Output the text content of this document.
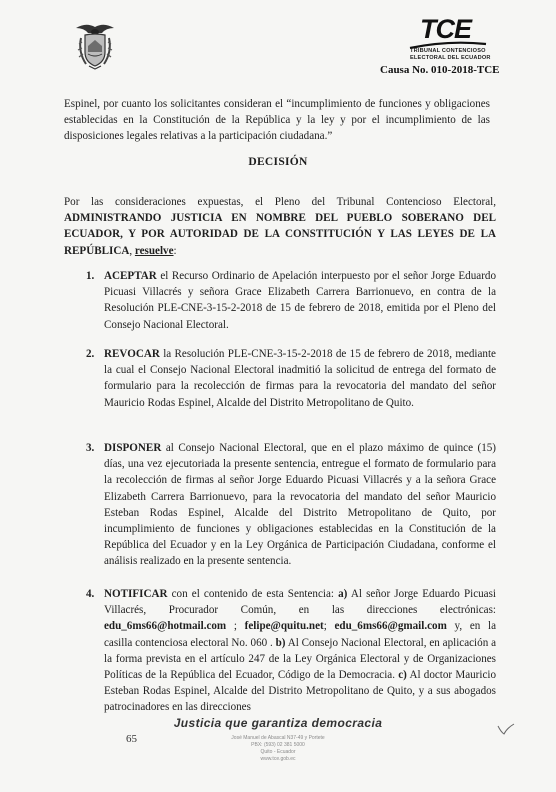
TCE
TRIBUNAL CONTENCIOSO
ELECTORAL DEL ECUADOR
Causa No. 010-2018-TCE
Espinel, por cuanto los solicitantes consideran el “incumplimiento de funciones y obligaciones establecidas en la Constitución de la República y la ley y por el incumplimiento de las disposiciones legales relativas a la participación ciudadana.”
DECISIÓN
Por las consideraciones expuestas, el Pleno del Tribunal Contencioso Electoral, ADMINISTRANDO JUSTICIA EN NOMBRE DEL PUEBLO SOBERANO DEL ECUADOR, Y POR AUTORIDAD DE LA CONSTITUCIÓN Y LAS LEYES DE LA REPÚBLICA, resuelve:
1. ACEPTAR el Recurso Ordinario de Apelación interpuesto por el señor Jorge Eduardo Picuasi Villacrés y señora Grace Elizabeth Carrera Barrionuevo, en contra de la Resolución PLE-CNE-3-15-2-2018 de 15 de febrero de 2018, emitida por el Pleno del Consejo Nacional Electoral.
2. REVOCAR la Resolución PLE-CNE-3-15-2-2018 de 15 de febrero de 2018, mediante la cual el Consejo Nacional Electoral inadmitió la solicitud de entrega del formato de formulario para la recolección de firmas para la revocatoria del mandato del señor Mauricio Rodas Espinel, Alcalde del Distrito Metropolitano de Quito.
3. DISPONER al Consejo Nacional Electoral, que en el plazo máximo de quince (15) días, una vez ejecutoriada la presente sentencia, entregue el formato de formulario para la recolección de firmas al señor Jorge Eduardo Picuasi Villacrés y a la señora Grace Elizabeth Carrera Barrionuevo, para la revocatoria del mandato del señor Mauricio Esteban Rodas Espinel, Alcalde del Distrito Metropolitano de Quito, por incumplimiento de funciones y obligaciones establecidas en la Constitución de la República del Ecuador y en la Ley Orgánica de Participación Ciudadana, conforme el análisis realizado en la presente sentencia.
4. NOTIFICAR con el contenido de esta Sentencia: a) Al señor Jorge Eduardo Picuasi Villacrés, Procurador Común, en las direcciones electrónicas: edu_6ms66@hotmail.com ; felipe@quitu.net; edu_6ms66@gmail.com y, en la casilla contenciosa electoral No. 060 . b) Al Consejo Nacional Electoral, en aplicación a la forma prevista en el artículo 247 de la Ley Orgánica Electoral y de Organizaciones Políticas de la República del Ecuador, Código de la Democracia. c) Al doctor Mauricio Esteban Rodas Espinel, Alcalde del Distrito Metropolitano de Quito, y a sus abogados patrocinadores en las direcciones
Justicia que garantiza democracia
65	José Manuel de Abascal N37-49 y Portete
PBX: (593) 02 381 5000
Quito - Ecuador
www.tce.gob.ec
